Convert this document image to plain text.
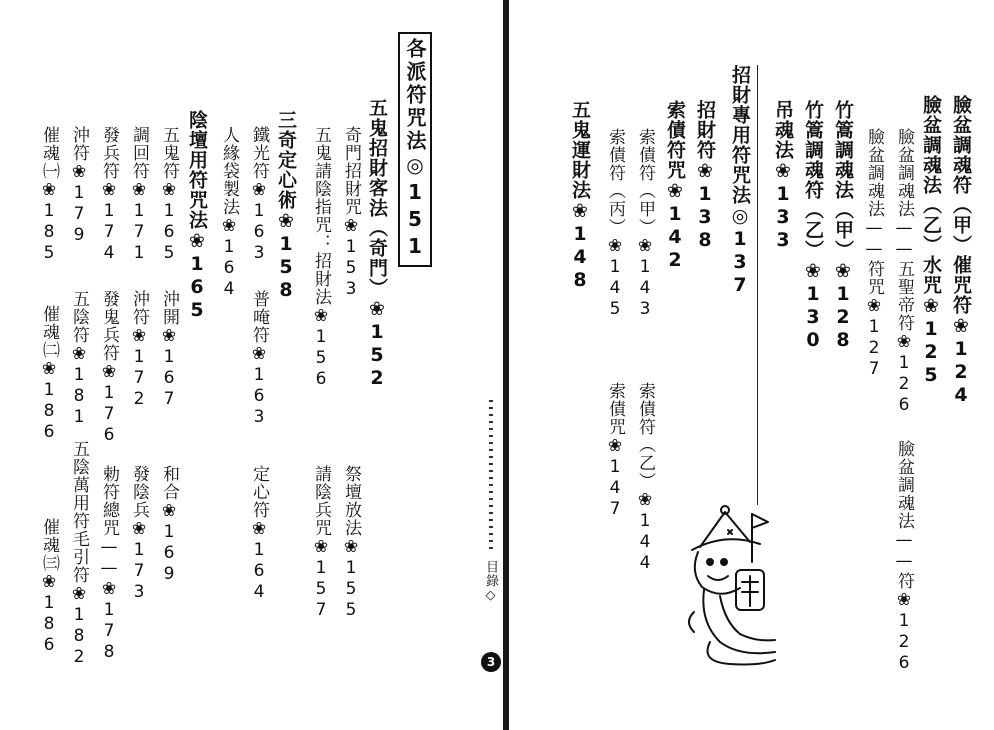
各派符咒法◎151
五鬼招財客法（奇門）❀152
奇門招財咒❀153
祭壇放法❀155
五鬼請陰指咒：招財法❀156
請陰兵咒❀157
三奇定心術❀158
鐵光符❀163
普唵符❀163
定心符❀164
人緣袋製法❀164
陰壇用符咒法❀165
五鬼符❀165
沖開❀167
和合❀169
調回符❀171
沖符❀172
發陰兵❀173
發兵符❀174
發鬼兵符❀176
勅符總咒——❀178
沖符❀179
五陰符❀181
五陰萬用符毛引符❀182
催魂㈠❀185
催魂㈡❀186
催魂㈢❀186	目錄◇
3
臉盆調魂符（甲）催咒符❀124
臉盆調魂法（乙）水咒❀125
臉盆調魂法——五聖帝符❀126
臉盆調魂法——符❀126
臉盆調魂法——符咒❀127
竹篙調魂法（甲）❀128
竹篙調魂符（乙）❀130
吊魂法❀133
招財專用符咒法◎137
招財符❀138
索債符咒❀142
索債符（甲）❀143
索債符（乙）❀144
索債符（丙）❀145
索債咒❀147
五鬼運財法❀148
